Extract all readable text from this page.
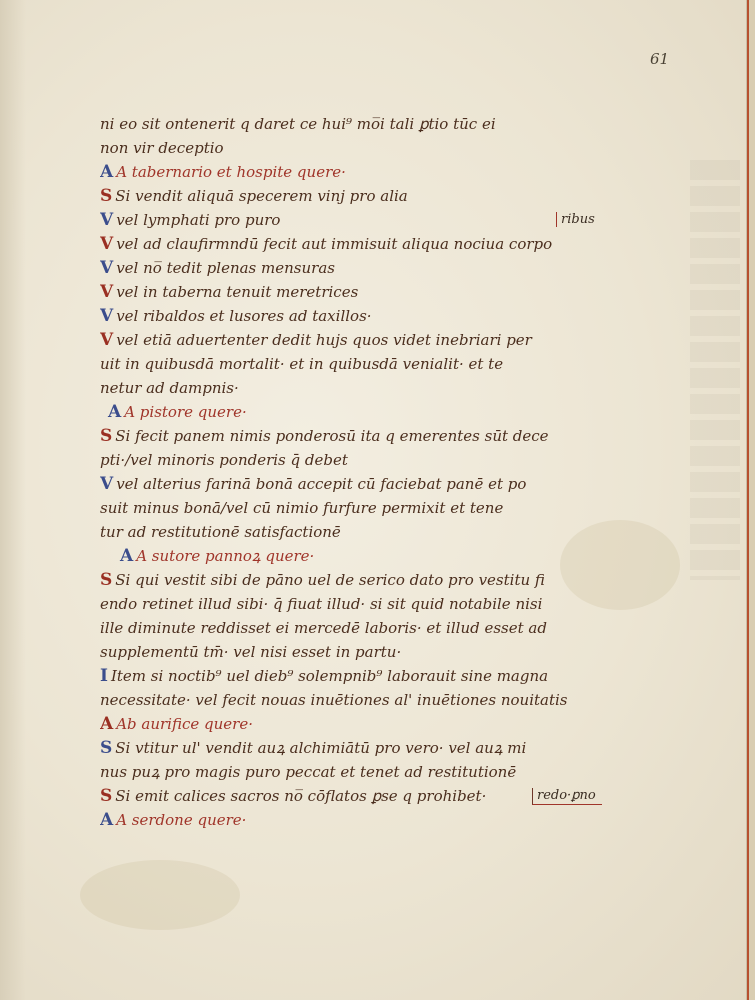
61
ni eo sit ontenerit q daret ce hui⁹ mo̅i tali ꝑtio tūc ei
non vir deceptio
A A tabernario et hospite quere·
S Si vendit aliquā specerem vinj pro alia
V vel lymphati pro puro
V vel ad claufirmndū fecit aut immisuit aliqua nociua corpo
V vel no̅ tedit plenas mensuras
V vel in taberna tenuit meretrices
V vel ribaldos et lusores ad taxillos·
V vel etiā aduertenter dedit hujs quos videt inebriari per
uit in quibusdā mortalit· et in quibusdā venialit· et te
netur ad dampnis·
A A pistore quere·
S Si fecit panem nimis ponderosū ita q emerentes sūt dece
pti·/vel minoris ponderis q̄ debet
V vel alterius farinā bonā accepit cū faciebat panē et po
suit minus bonā/vel cū nimio furfure permixit et tene
tur ad restitutionē satisfactionē
A A sutore pannoꝝ quere·
S Si qui vestit sibi de pāno uel de serico dato pro vestitu fi
endo retinet illud sibi· q̄ fiuat illud· si sit quid notabile nisi
ille diminute reddisset ei mercedē laboris· et illud esset ad
supplementū tm̄· vel nisi esset in partu·
I Item si noctib⁹ uel dieb⁹ solempnib⁹ laborauit sine magna
necessitate· vel fecit nouas inuētiones al' inuētiones nouitatis
A Ab aurifice quere·
S Si vtitur ul' vendit auꝝ alchimiātū pro vero· vel auꝝ mi
nus puꝝ pro magis puro peccat et tenet ad restitutionē
S Si emit calices sacros no̅ cōflatos ꝑse q prohibet·
A A serdone quere·
ribus
redo·ꝑno
